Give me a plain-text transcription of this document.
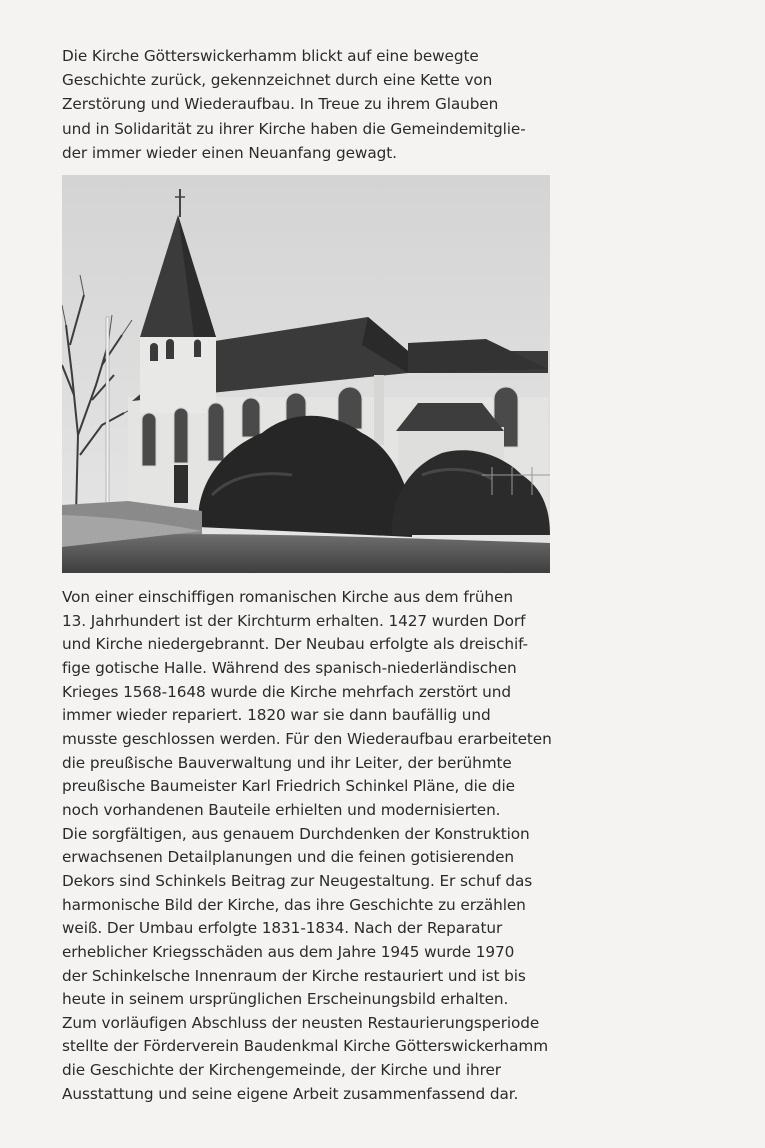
Die Kirche Götterswickerhamm blickt auf eine bewegte
Geschichte zurück, gekennzeichnet durch eine Kette von
Zerstörung und Wiederaufbau. In Treue zu ihrem Glauben
und in Solidarität zu ihrer Kirche haben die Gemeindemitglie-
der immer wieder einen Neuanfang gewagt.

Von einer einschiffigen romanischen Kirche aus dem frühen
13. Jahrhundert ist der Kirchturm erhalten. 1427 wurden Dorf
und Kirche niedergebrannt. Der Neubau erfolgte als dreischif-
fige gotische Halle. Während des spanisch-niederländischen
Krieges 1568-1648 wurde die Kirche mehrfach zerstört und
immer wieder repariert. 1820 war sie dann baufällig und
musste geschlossen werden. Für den Wiederaufbau erarbeiteten
die preußische Bauverwaltung und ihr Leiter, der berühmte
preußische Baumeister Karl Friedrich Schinkel Pläne, die die
noch vorhandenen Bauteile erhielten und modernisierten.
Die sorgfältigen, aus genauem Durchdenken der Konstruktion
erwachsenen Detailplanungen und die feinen gotisierenden
Dekors sind Schinkels Beitrag zur Neugestaltung. Er schuf das
harmonische Bild der Kirche, das ihre Geschichte zu erzählen
weiß. Der Umbau erfolgte 1831-1834. Nach der Reparatur
erheblicher Kriegsschäden aus dem Jahre 1945 wurde 1970
der Schinkelsche Innenraum der Kirche restauriert und ist bis
heute in seinem ursprünglichen Erscheinungsbild erhalten.
Zum vorläufigen Abschluss der neusten Restaurierungsperiode
stellte der Förderverein Baudenkmal Kirche Götterswickerhamm
die Geschichte der Kirchengemeinde, der Kirche und ihrer
Ausstattung und seine eigene Arbeit zusammenfassend dar.
